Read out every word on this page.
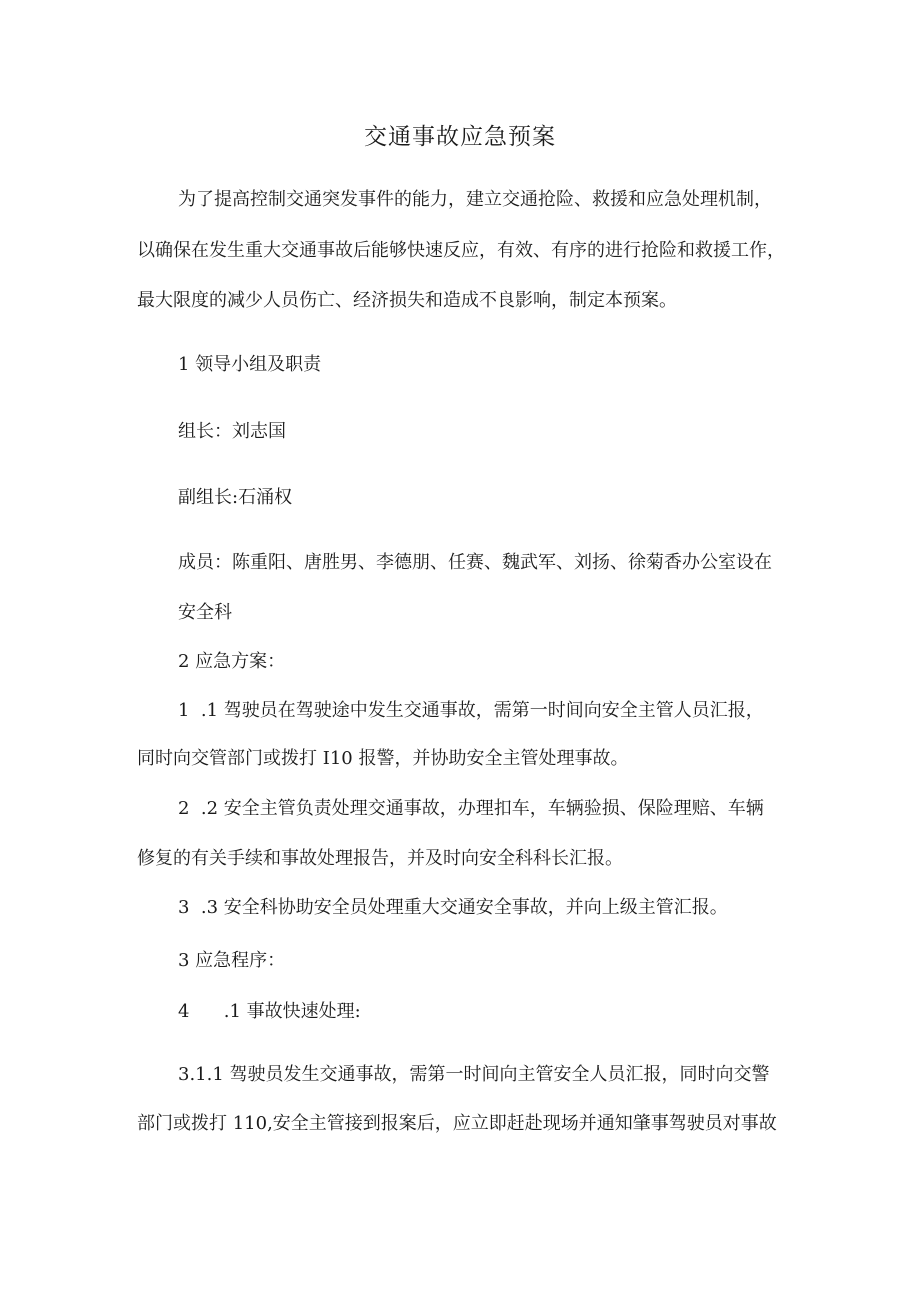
交通事故应急预案
为了提高控制交通突发事件的能力，建立交通抢险、救援和应急处理机制，
以确保在发生重大交通事故后能够快速反应，有效、有序的进行抢险和救援工作，
最大限度的减少人员伤亡、经济损失和造成不良影响，制定本预案。
1 领导小组及职责
组长：刘志国
副组长:石涌权
成员：陈重阳、唐胜男、李德朋、任赛、魏武军、刘扬、徐菊香办公室设在
安全科
2 应急方案：
1  .1 驾驶员在驾驶途中发生交通事故，需第一时间向安全主管人员汇报，
同时向交管部门或拨打 I10 报警，并协助安全主管处理事故。
2  .2 安全主管负责处理交通事故，办理扣车，车辆验损、保险理赔、车辆
修复的有关手续和事故处理报告，并及时向安全科科长汇报。
3  .3 安全科协助安全员处理重大交通安全事故，并向上级主管汇报。
3 应急程序：
4      .1 事故快速处理:
3.1.1 驾驶员发生交通事故，需第一时间向主管安全人员汇报，同时向交警
部门或拨打 110,安全主管接到报案后，应立即赶赴现场并通知肇事驾驶员对事故
